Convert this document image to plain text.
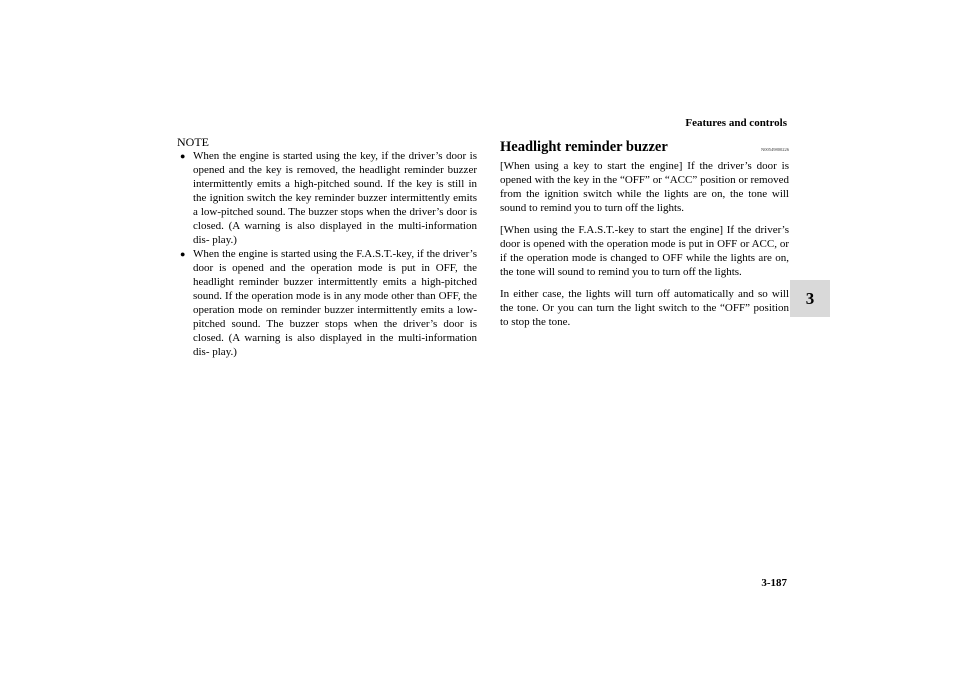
Features and controls
3
NOTE
● When the engine is started using the key, if the driver’s door is opened and the key is removed, the headlight reminder buzzer intermittently emits a high-pitched sound. If the key is still in the ignition switch the key reminder buzzer intermittently emits a low-pitched sound. The buzzer stops when the driver’s door is closed. (A warning is also displayed in the multi-information dis- play.)
● When the engine is started using the F.A.S.T.-key, if the driver’s door is opened and the operation mode is put in OFF, the headlight reminder buzzer intermittently emits a high-pitched sound. If the operation mode is in any mode other than OFF, the operation mode on reminder buzzer intermittently emits a low-pitched sound. The buzzer stops when the driver’s door is closed. (A warning is also displayed in the multi-information dis- play.)
Headlight reminder buzzer	N00549800226

[When using a key to start the engine] If the driver’s door is opened with the key in the “OFF” or “ACC” position or removed from the ignition switch while the lights are on, the tone will sound to remind you to turn off the lights.

[When using the F.A.S.T.-key to start the engine] If the driver’s door is opened with the operation mode is put in OFF or ACC, or if the operation mode is changed to OFF while the lights are on, the tone will sound to remind you to turn off the lights.

In either case, the lights will turn off automatically and so will the tone. Or you can turn the light switch to the “OFF” position to stop the tone.

3-187
